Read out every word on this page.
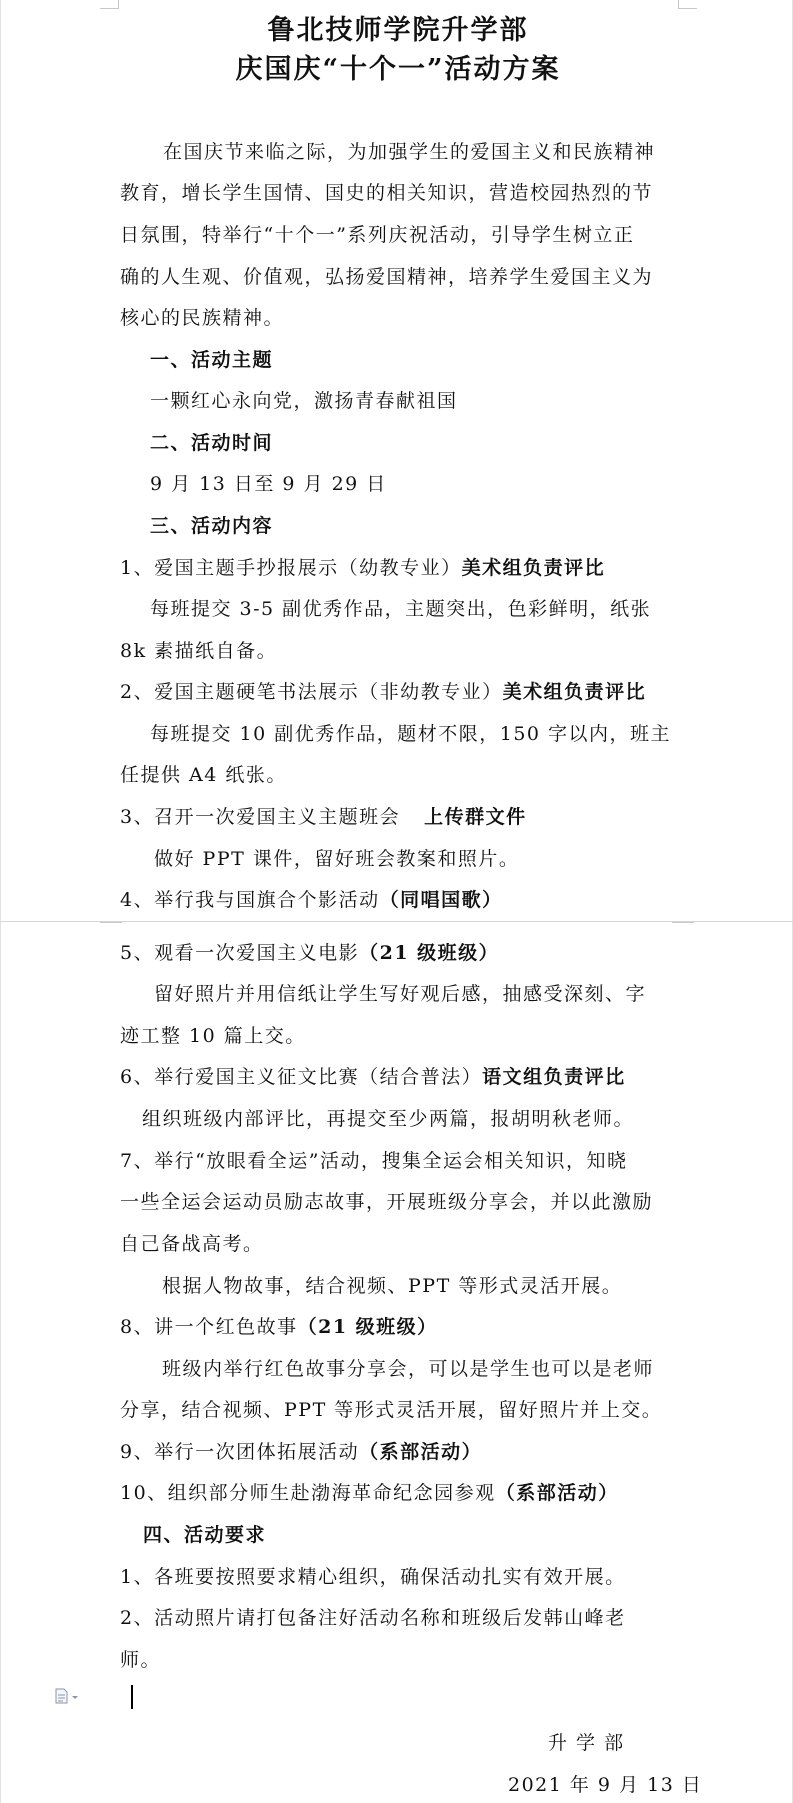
鲁北技师学院升学部
庆国庆“十个一”活动方案
在国庆节来临之际，为加强学生的爱国主义和民族精神
教育，增长学生国情、国史的相关知识，营造校园热烈的节
日氛围，特举行“十个一”系列庆祝活动，引导学生树立正
确的人生观、价值观，弘扬爱国精神，培养学生爱国主义为
核心的民族精神。
一、活动主题
一颗红心永向党，激扬青春献祖国
二、活动时间
9 月 13 日至 9 月 29 日
三、活动内容
1、爱国主题手抄报展示（幼教专业）美术组负责评比
每班提交 3-5 副优秀作品，主题突出，色彩鲜明，纸张
8k 素描纸自备。
2、爱国主题硬笔书法展示（非幼教专业）美术组负责评比
每班提交 10 副优秀作品，题材不限，150 字以内，班主
任提供 A4 纸张。
3、召开一次爱国主义主题班会 上传群文件
做好 PPT 课件，留好班会教案和照片。
4、举行我与国旗合个影活动（同唱国歌）
5、观看一次爱国主义电影（21 级班级）
留好照片并用信纸让学生写好观后感，抽感受深刻、字
迹工整 10 篇上交。
6、举行爱国主义征文比赛（结合普法）语文组负责评比
组织班级内部评比，再提交至少两篇，报胡明秋老师。
7、举行“放眼看全运”活动，搜集全运会相关知识，知晓
一些全运会运动员励志故事，开展班级分享会，并以此激励
自己备战高考。
根据人物故事，结合视频、PPT 等形式灵活开展。
8、讲一个红色故事（21 级班级）
班级内举行红色故事分享会，可以是学生也可以是老师
分享，结合视频、PPT 等形式灵活开展，留好照片并上交。
9、举行一次团体拓展活动（系部活动）
10、组织部分师生赴渤海革命纪念园参观（系部活动）
四、活动要求
1、各班要按照要求精心组织，确保活动扎实有效开展。
2、活动照片请打包备注好活动名称和班级后发韩山峰老
师。
升 学 部
2021 年 9 月 13 日
